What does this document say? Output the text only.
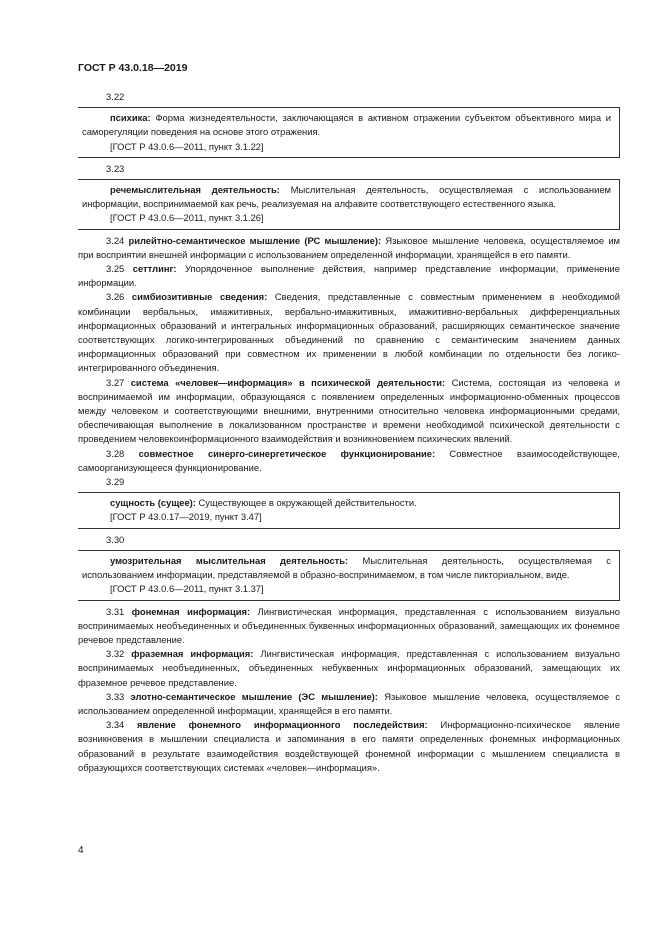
ГОСТ Р 43.0.18—2019

3.22

психика: Форма жизнедеятельности, заключающаяся в активном отражении субъектом объективного мира и саморегуляции поведения на основе этого отражения.

[ГОСТ Р 43.0.6—2011, пункт 3.1.22]

3.23

речемыслительная деятельность: Мыслительная деятельность, осуществляемая с использованием информации, воспринимаемой как речь, реализуемая на алфавите соответствующего естественного языка.

[ГОСТ Р 43.0.6—2011, пункт 3.1.26]

3.24 рилейтно-семантическое мышление (РС мышление): Языковое мышление человека, осуществляемое им при восприятии внешней информации с использованием определенной информации, хранящейся в его памяти.

3.25 сеттлинг: Упорядоченное выполнение действия, например представление информации, применение информации.

3.26 симбиозитивные сведения: Сведения, представленные с совместным применением в необходимой комбинации вербальных, имажитивных, вербально-имажитивных, имажитивно-вербальных дифференциальных информационных образований и интегральных информационных образований, расширяющих семантическое значение соответствующих логико-интегрированных объединений по сравнению с семантическим значением данных информационных образований при совместном их применении в любой комбинации по отдельности без логико-интегрированного объединения.

3.27 система «человек—информация» в психической деятельности: Система, состоящая из человека и воспринимаемой им информации, образующаяся с появлением определенных информационно-обменных процессов между человеком и соответствующими внешними, внутренними относительно человека информационными средами, обеспечивающая выполнение в локализованном пространстве и времени необходимой психической деятельности с проведением человекоинформационного взаимодействия и возникновением психических явлений.

3.28 совместное синерго-синергетическое функционирование: Совместное взаимосодействующее, самоорганизующееся функционирование.

3.29

сущность (сущее): Существующее в окружающей действительности.

[ГОСТ Р 43.0.17—2019, пункт 3.47]

3.30

умозрительная мыслительная деятельность: Мыслительная деятельность, осуществляемая с использованием информации, представляемой в образно-воспринимаемом, в том числе пикториальном, виде.

[ГОСТ Р 43.0.6—2011, пункт 3.1.37]

3.31 фонемная информация: Лингвистическая информация, представленная с использованием визуально воспринимаемых необъединенных и объединенных буквенных информационных образований, замещающих их фонемное речевое представление.

3.32 фраземная информация: Лингвистическая информация, представленная с использованием визуально воспринимаемых необъединенных, объединенных небуквенных информационных образований, замещающих их фраземное речевое представление.

3.33 элотно-семантическое мышление (ЭС мышление): Языковое мышление человека, осуществляемое с использованием определенной информации, хранящейся в его памяти.

3.34 явление фонемного информационного последействия: Информационно-психическое явление возникновения в мышлении специалиста и запоминания в его памяти определенных фонемных информационных образований в результате взаимодействия воздействующей фонемной информации с мышлением специалиста в образующихся соответствующих системах «человек—информация».

4
